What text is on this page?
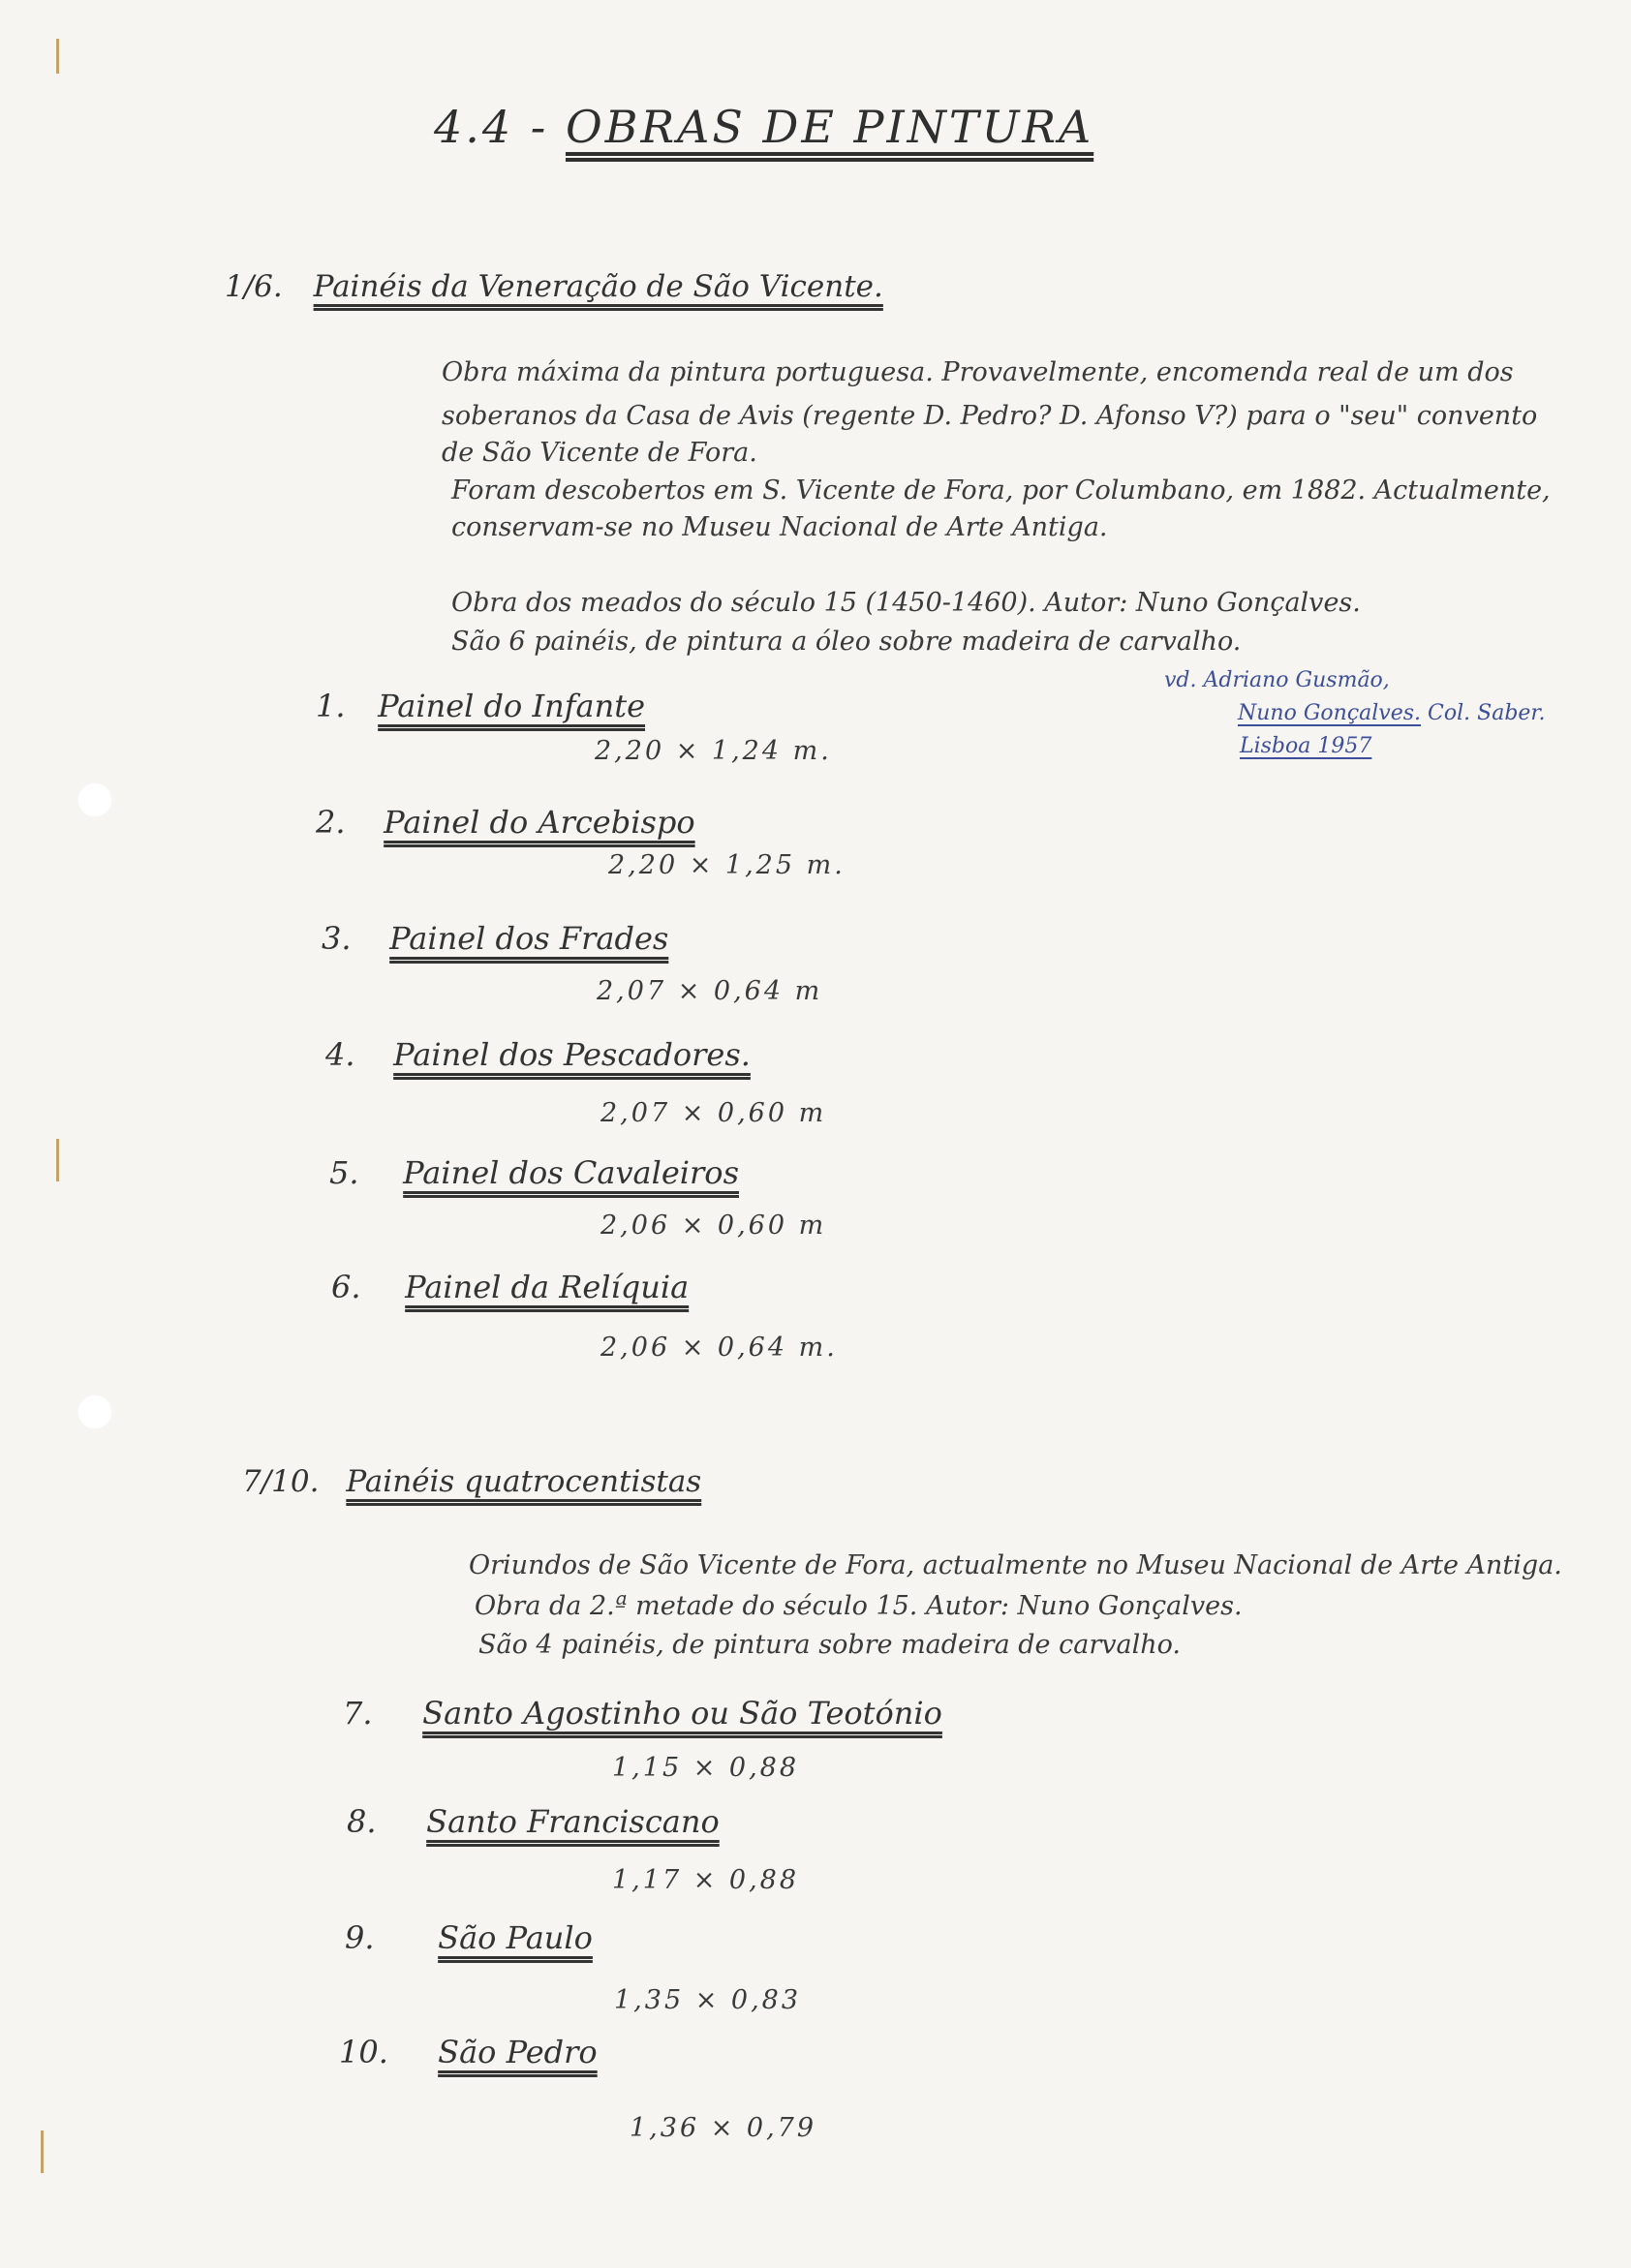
4.4 - OBRAS DE PINTURA
1/6. Painéis da Veneração de São Vicente.
Obra máxima da pintura portuguesa. Provavelmente, encomenda real de um dos
soberanos da Casa de Avis (regente D. Pedro? D. Afonso V?) para o "seu" convento
de São Vicente de Fora.
Foram descobertos em S. Vicente de Fora, por Columbano, em 1882. Actualmente,
conservam-se no Museu Nacional de Arte Antiga.
Obra dos meados do século 15 (1450-1460). Autor: Nuno Gonçalves.
São 6 painéis, de pintura a óleo sobre madeira de carvalho.
vd. Adriano Gusmão,
Nuno Gonçalves. Col. Saber.
Lisboa 1957
1. Painel do Infante
2,20 × 1,24 m.
2. Painel do Arcebispo
2,20 × 1,25 m.
3. Painel dos Frades
2,07 × 0,64 m
4. Painel dos Pescadores.
2,07 × 0,60 m
5. Painel dos Cavaleiros
2,06 × 0,60 m
6. Painel da Relíquia
2,06 × 0,64 m.
7/10. Painéis quatrocentistas
Oriundos de São Vicente de Fora, actualmente no Museu Nacional de Arte Antiga.
Obra da 2.ª metade do século 15. Autor: Nuno Gonçalves.
São 4 painéis, de pintura sobre madeira de carvalho.
7. Santo Agostinho ou São Teotónio
1,15 × 0,88
8. Santo Franciscano
1,17 × 0,88
9. São Paulo
1,35 × 0,83
10. São Pedro
1,36 × 0,79
